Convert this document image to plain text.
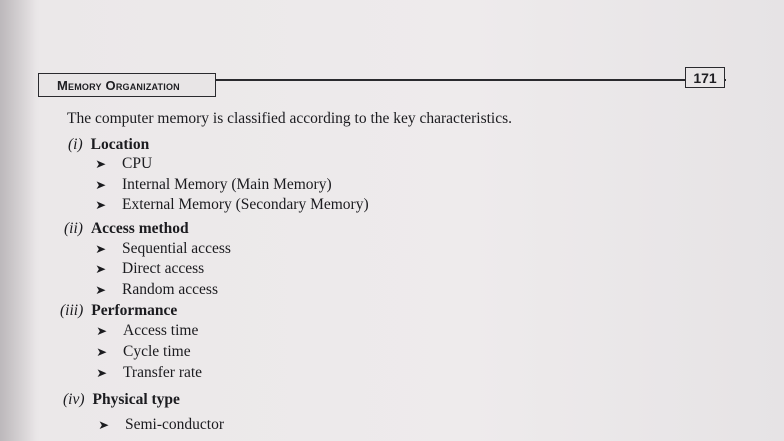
Memory Organization	171
The computer memory is classified according to the key characteristics.
(i) Location
➤	CPU
➤	Internal Memory (Main Memory)
➤	External Memory (Secondary Memory)
(ii) Access method
➤	Sequential access
➤	Direct access
➤	Random access
(iii) Performance
➤	Access time
➤	Cycle time
➤	Transfer rate
(iv) Physical type
➤	Semi-conductor
